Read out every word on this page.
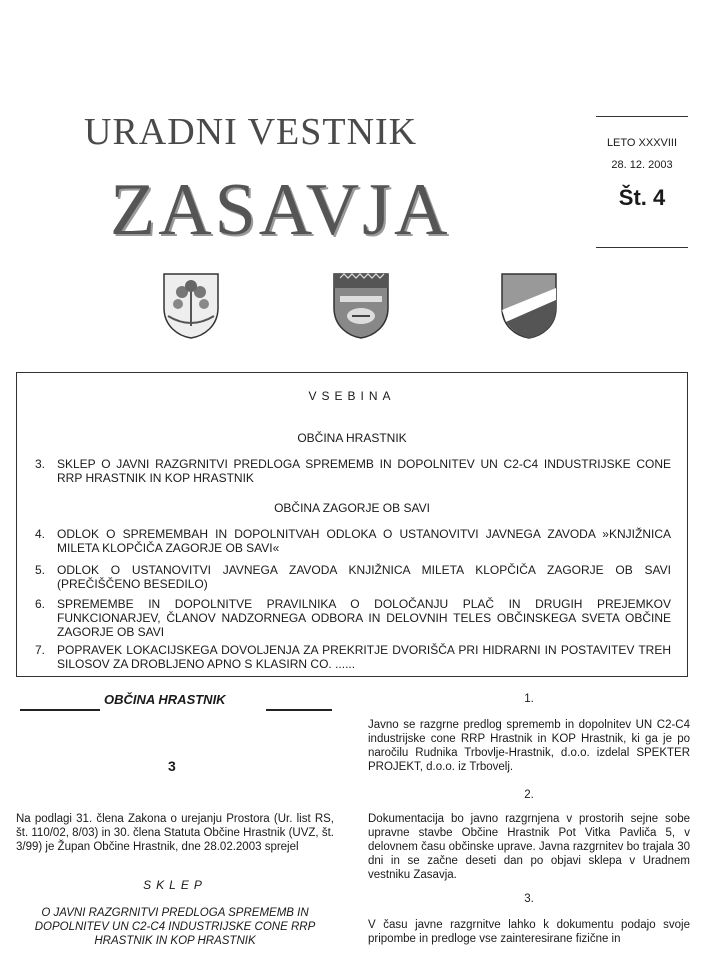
URADNI VESTNIK
ZASAVJA
LETO XXXVIII
28. 12. 2003
Št. 4
VSEBINA
OBČINA HRASTNIK
3. SKLEP O JAVNI RAZGRNITVI PREDLOGA SPREMEMB IN DOPOLNITEV UN C2-C4 INDUSTRIJSKE CONE RRP HRASTNIK IN KOP HRASTNIK
OBČINA ZAGORJE OB SAVI
4. ODLOK O SPREMEMBAH IN DOPOLNITVAH ODLOKA O USTANOVITVI JAVNEGA ZAVODA »KNJIŽNICA MILETA KLOPČIČA ZAGORJE OB SAVI«
5. ODLOK O USTANOVITVI JAVNEGA ZAVODA KNJIŽNICA MILETA KLOPČIČA ZAGORJE OB SAVI (PREČIŠČENO BESEDILO)
6. SPREMEMBE IN DOPOLNITVE PRAVILNIKA O DOLOČANJU PLAČ IN DRUGIH PREJEMKOV FUNKCIONARJEV, ČLANOV NADZORNEGA ODBORA IN DELOVNIH TELES OBČINSKEGA SVETA OBČINE ZAGORJE OB SAVI
7. POPRAVEK LOKACIJSKEGA DOVOLJENJA ZA PREKRITJE DVORIŠČA PRI HIDRARNI IN POSTAVITEV TREH SILOSOV ZA DROBLJENO APNO S KLASIRN CO. ......
OBČINA HRASTNIK
3
Na podlagi 31. člena Zakona o urejanju Prostora (Ur. list RS, št. 110/02, 8/03) in 30. člena Statuta Občine Hrastnik (UVZ, št. 3/99) je Župan Občine Hrastnik, dne 28.02.2003 sprejel
SKLEP
O JAVNI RAZGRNITVI PREDLOGA SPREMEMB IN DOPOLNITEV UN C2-C4 INDUSTRIJSKE CONE RRP HRASTNIK IN KOP HRASTNIK
1.
Javno se razgrne predlog sprememb in dopolnitev UN C2-C4 industrijske cone RRP Hrastnik in KOP Hrastnik, ki ga je po naročilu Rudnika Trbovlje-Hrastnik, d.o.o. izdelal SPEKTER PROJEKT, d.o.o. iz Trbovelj.
2.
Dokumentacija bo javno razgrnjena v prostorih sejne sobe upravne stavbe Občine Hrastnik Pot Vitka Pavliča 5, v delovnem času občinske uprave. Javna razgrnitev bo trajala 30 dni in se začne deseti dan po objavi sklepa v Uradnem vestniku Zasavja.
3.
V času javne razgrnitve lahko k dokumentu podajo svoje pripombe in predloge vse zainteresirane fizične in
